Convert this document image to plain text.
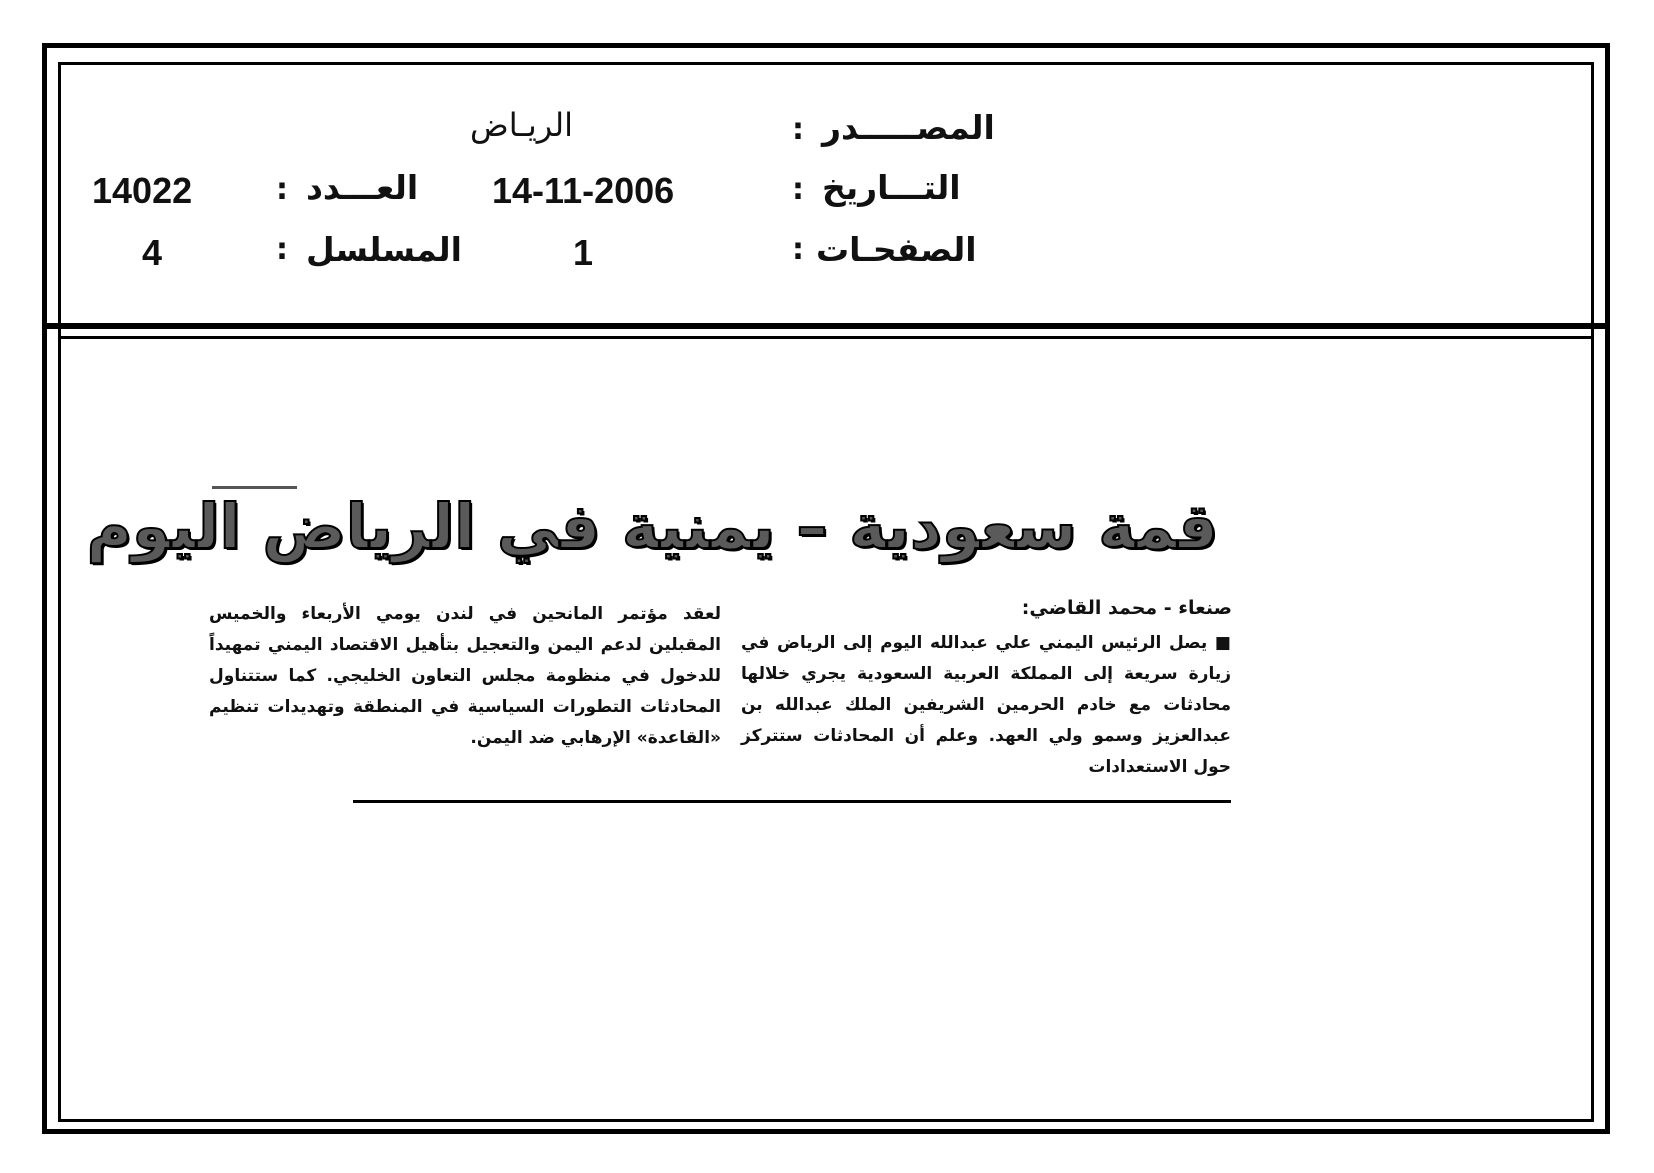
المصـــــدر
:
الريـاض
التـــاريخ
:
14-11-2006
العـــدد
:
14022
الصفحـات
:
1
المسلسل
:
4
قمة سعودية – يمنية في الرياض اليوم
صنعاء - محمد القاضي:

■ يصل الرئيس اليمني علي عبدالله اليوم إلى الرياض في زيارة سريعة إلى المملكة العربية السعودية يجري خلالها محادثات مع خادم الحرمين الشريفين الملك عبدالله بن عبدالعزيز وسمو ولي العهد. وعلم أن المحادثات ستتركز حول الاستعدادات

لعقد مؤتمر المانحين في لندن يومي الأربعاء والخميس المقبلين لدعم اليمن والتعجيل بتأهيل الاقتصاد اليمني تمهيداً للدخول في منظومة مجلس التعاون الخليجي. كما ستتناول المحادثات التطورات السياسية في المنطقة وتهديدات تنظيم «القاعدة» الإرهابي ضد اليمن.
